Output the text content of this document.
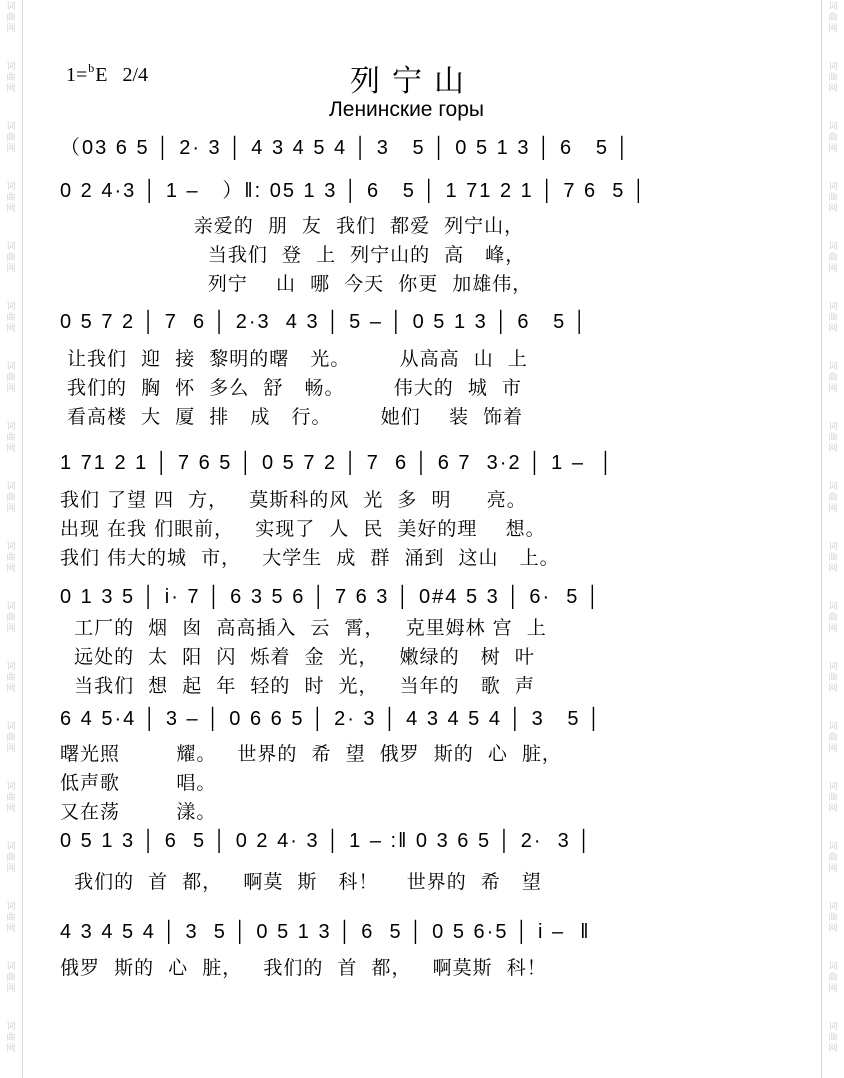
词
曲
网
词
曲
网
词
曲
网
词
曲
网
词
曲
网
词
曲
网
词
曲
网
词
曲
网
词
曲
网
词
曲
网
词
曲
网
词
曲
网
词
曲
网
词
曲
网
词
曲
网
词
曲
网
词
曲
网
词
曲
网
词
曲
网
词
曲
网
词
曲
网
词
曲
网
词
曲
网
词
曲
网
词
曲
网
词
曲
网
词
曲
网
词
曲
网
词
曲
网
词
曲
网
词
曲
网
词
曲
网
词
曲
网
词
曲
网
词
曲
网
词
曲
网
1=$^b$E 2/4	列宁山
Ленинские горы
（03 6 5 │ 2· 3 │ 4 3 4 5 4 │ 3   5 │ 0 5 1 3 │ 6   5 │
0 2 4·3 │ 1 –   ）‖: 05 1 3 │ 6   5 │ 1 71 2 1 │ 7 6  5 │
亲爱的  朋  友  我们  都爱  列宁山，
当我们  登  上  列宁山的  高   峰，
列宁    山  哪  今天  你更  加雄伟，
0 5 7 2 │ 7  6 │ 2·3  4 3 │ 5 – │ 0 5 1 3 │ 6   5 │
让我们  迎  接  黎明的曙   光。       从高高  山  上
我们的  胸  怀  多么  舒   畅。       伟大的  城  市
看高楼  大  厦  排   成   行。       她们    装  饰着
1 71 2 1 │ 7 6 5 │ 0 5 7 2 │ 7  6 │ 6 7  3·2 │ 1 –  │
我们 了望 四  方，   莫斯科的风  光  多  明     亮。
出现 在我 们眼前，   实现了  人  民  美好的理    想。
我们 伟大的城  市，   大学生  成  群  涌到  这山   上。
0 1 3 5 │ i· 7 │ 6 3 5 6 │ 7 6 3 │ 0#4 5 3 │ 6·  5 │
工厂的  烟  囱  高高插入  云  霄，   克里姆林 宫  上
远处的  太  阳  闪  烁着  金  光，   嫩绿的   树  叶
当我们  想  起  年  轻的  时  光，   当年的   歌  声
6 4 5·4 │ 3 – │ 0 6 6 5 │ 2· 3 │ 4 3 4 5 4 │ 3   5 │
曙光照        耀。   世界的  希  望  俄罗  斯的  心  脏，
低声歌        唱。
又在荡        漾。
0 5 1 3 │ 6  5 │ 0 2 4· 3 │ 1 – :‖ 0 3 6 5 │ 2·  3 │
我们的  首  都，   啊莫  斯   科！    世界的  希   望
4 3 4 5 4 │ 3  5 │ 0 5 1 3 │ 6  5 │ 0 5 6·5 │ i –  ‖
俄罗  斯的  心  脏，   我们的  首  都，   啊莫斯  科！
